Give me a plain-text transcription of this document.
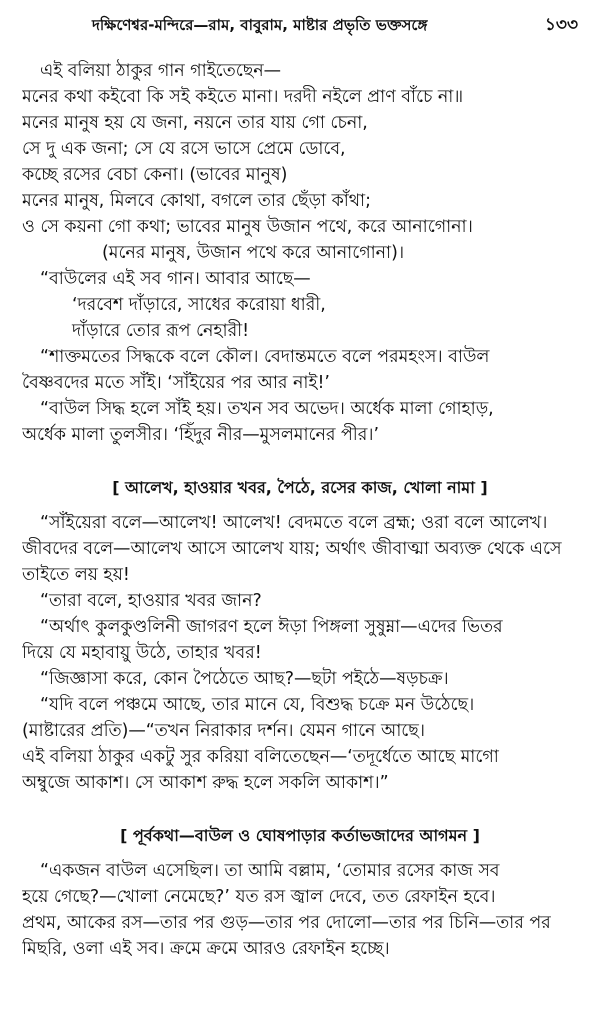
দক্ষিণেশ্বর-মন্দিরে—রাম, বাবুরাম, মাষ্টার প্রভৃতি ভক্তসঙ্গে	১৩৩
এই বলিয়া ঠাকুর গান গাইতেছেন—
মনের কথা কইবো কি সই কইতে মানা। দরদী নইলে প্রাণ বাঁচে না॥
মনের মানুষ হয় যে জনা, নয়নে তার যায় গো চেনা,
সে দু এক জনা; সে যে রসে ভাসে প্রেমে ডোবে,
কচ্ছে রসের বেচা কেনা। (ভাবের মানুষ)
মনের মানুষ, মিলবে কোথা, বগলে তার ছেঁড়া কাঁথা;
ও সে কয়না গো কথা; ভাবের মানুষ উজান পথে, করে আনাগোনা।
(মনের মানুষ, উজান পথে করে আনাগোনা)।
“বাউলের এই সব গান। আবার আছে—
‘দরবেশ দাঁড়ারে, সাধের করোয়া ধারী,
দাঁড়ারে তোর রূপ নেহারী!
“শাক্তমতের সিদ্ধকে বলে কৌল। বেদান্তমতে বলে পরমহংস। বাউল
বৈষ্ণবদের মতে সাঁই। ‘সাঁইয়ের পর আর নাই!’
“বাউল সিদ্ধ হলে সাঁই হয়। তখন সব অভেদ। অর্ধেক মালা গোহাড়,
অর্ধেক মালা তুলসীর। ‘হিঁদুর নীর—মুসলমানের পীর।’
[ আলেখ, হাওয়ার খবর, পৈঠে, রসের কাজ, খোলা নামা ]
“সাঁইয়েরা বলে—আলেখ! আলেখ! বেদমতে বলে ব্রহ্ম; ওরা বলে আলেখ।
জীবদের বলে—আলেখ আসে আলেখ যায়; অর্থাৎ জীবাত্মা অব্যক্ত থেকে এসে
তাইতে লয় হয়!
“তারা বলে, হাওয়ার খবর জান?
“অর্থাৎ কুলকুণ্ডলিনী জাগরণ হলে ঈড়া পিঙ্গলা সুষুম্না—এদের ভিতর
দিয়ে যে মহাবায়ু উঠে, তাহার খবর!
“জিজ্ঞাসা করে, কোন পৈঠেতে আছ?—ছটা পইঠে—ষড়চক্র।
“যদি বলে পঞ্চমে আছে, তার মানে যে, বিশুদ্ধ চক্রে মন উঠেছে।
(মাষ্টারের প্রতি)—“তখন নিরাকার দর্শন। যেমন গানে আছে।
এই বলিয়া ঠাকুর একটু সুর করিয়া বলিতেছেন—‘তদূর্ধেতে আছে মাগো
অম্বুজে আকাশ। সে আকাশ রুদ্ধ হলে সকলি আকাশ।”
[ পূর্বকথা—বাউল ও ঘোষপাড়ার কর্তাভজাদের আগমন ]
“একজন বাউল এসেছিল। তা আমি বল্লাম, ‘তোমার রসের কাজ সব
হয়ে গেছে?—খোলা নেমেছে?’ যত রস জ্বাল দেবে, তত রেফাইন হবে।
প্রথম, আকের রস—তার পর গুড়—তার পর দোলো—তার পর চিনি—তার পর
মিছরি, ওলা এই সব। ক্রমে ক্রমে আরও রেফাইন হচ্ছে।
